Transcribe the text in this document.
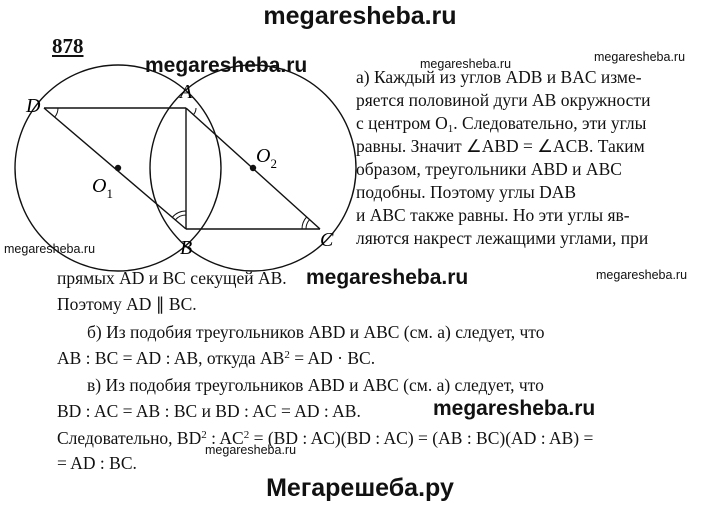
megaresheba.ru
878
D
A
B	C
$O_1$
$O_2$
megaresheba.ru	megaresheba.ru	megaresheba.ru
megaresheba.ru
megaresheba.ru
а) Каждый из углов ADB и BAC изме-
ряется половиной дуги AB окружности
с центром $O_1$. Следовательно, эти углы
равны. Значит ∠ABD = ∠ACB. Таким
образом, треугольники ABD и ABC
подобны. Поэтому углы DAB
и ABC также равны. Но эти углы яв-
ляются накрест лежащими углами, при
прямых AD и BC секущей AB. megaresheba.ru
Поэтому AD ∥ BC.
б) Из подобия треугольников ABD и ABC (см. а) следует, что
AB : BC = AD : AB, откуда $AB^2$ = AD · BC.
в) Из подобия треугольников ABD и ABC (см. а) следует, что
BD : AC = AB : BC и BD : AC = AD : AB.	megaresheba.ru
Следовательно, $BD^2$ : $AC^2 = (BD$ : AC)(BD : AC) = (AB : BC)(AD : AB) =
megaresheba.ru
= AD : BC.
Мегарешеба.ру
